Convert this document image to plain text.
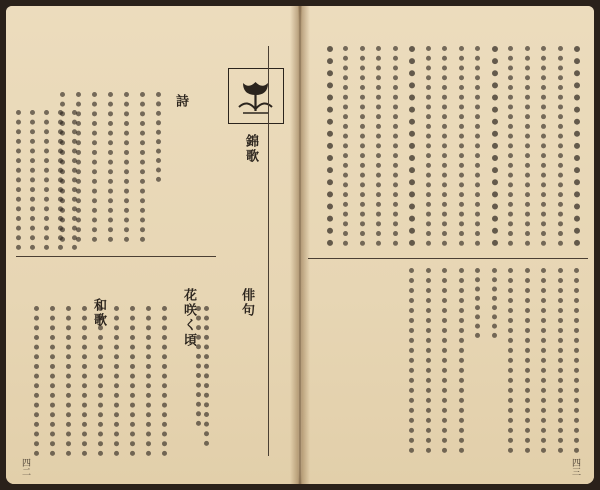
四三
錦歌
詩
和歌	俳句
花咲く頃
四二
